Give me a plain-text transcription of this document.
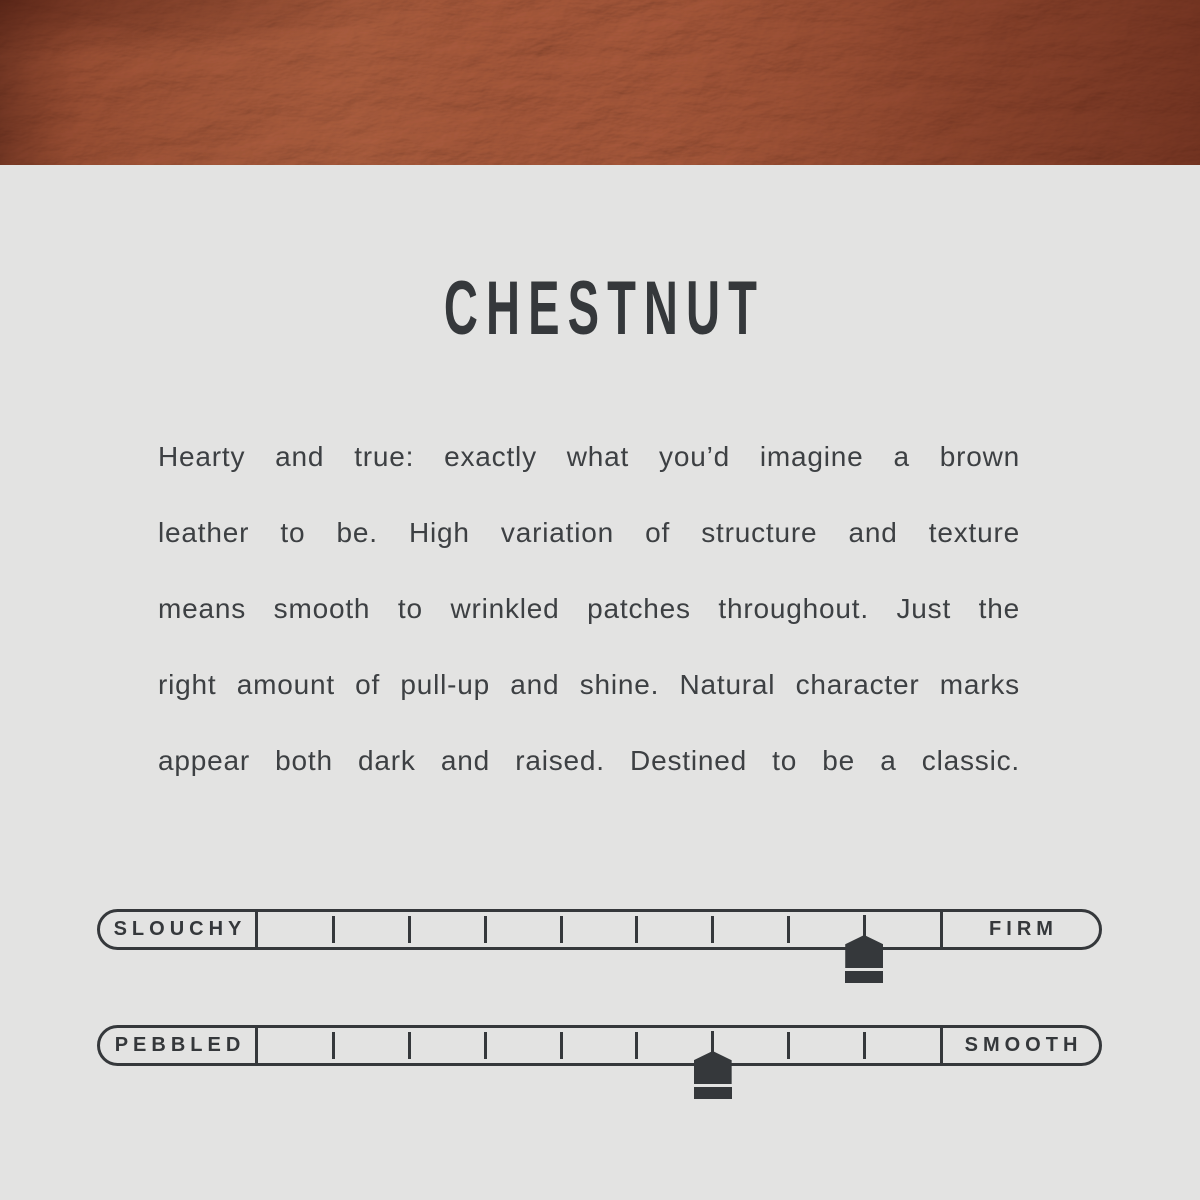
CHESTNUT
Hearty and true: exactly what you’d imagine a brown
leather to be. High variation of structure and texture
means smooth to wrinkled patches throughout. Just the
right amount of pull-up and shine. Natural character marks
appear both dark and raised. Destined to be a classic.
SLOUCHY	FIRM
PEBBLED	SMOOTH
